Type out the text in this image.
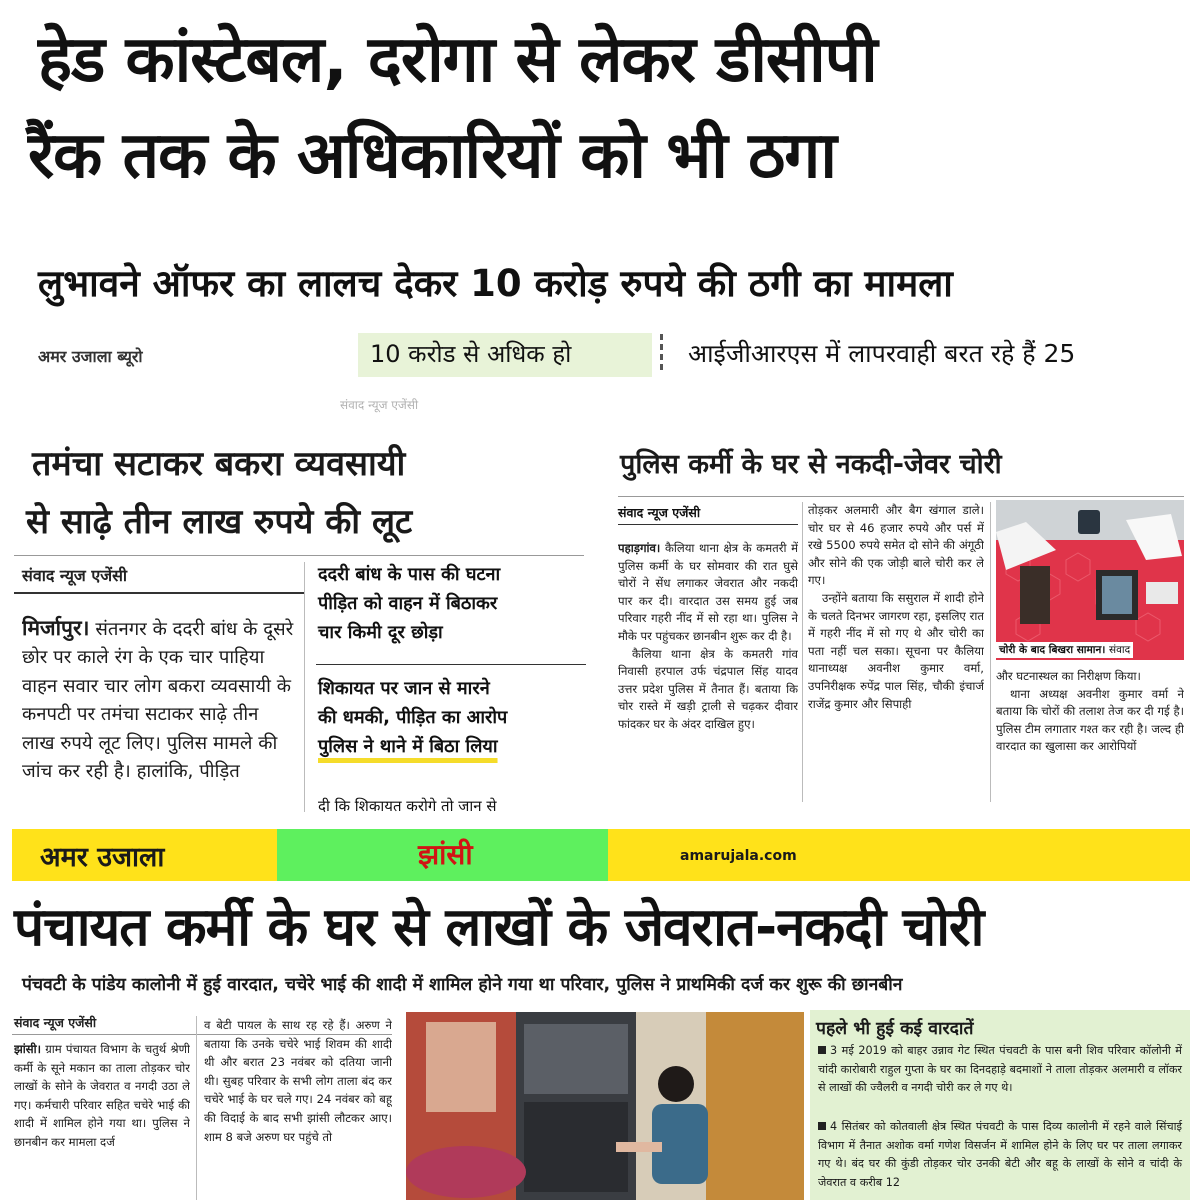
हेड कांस्टेबल, दरोगा से लेकर डीसीपी
रैंक तक के अधिकारियों को भी ठगा
लुभावने ऑफर का लालच देकर 10 करोड़ रुपये की ठगी का मामला
अमर उजाला ब्यूरो	10 करोड से अधिक हो	आईजीआरएस में लापरवाही बरत रहे हैं 25
संवाद न्यूज एजेंसी
तमंचा सटाकर बकरा व्यवसायी
से साढ़े तीन लाख रुपये की लूट
संवाद न्यूज एजेंसी
मिर्जापुर। संतनगर के ददरी बांध के दूसरे छोर पर काले रंग के एक चार पाहिया वाहन सवार चार लोग बकरा व्यवसायी के कनपटी पर तमंचा सटाकर साढ़े तीन लाख रुपये लूट लिए। पुलिस मामले की जांच कर रही है। हालांकि, पीड़ित
ददरी बांध के पास की घटना
पीड़ित को वाहन में बिठाकर
चार किमी दूर छोड़ा
शिकायत पर जान से मारने
की धमकी, पीड़ित का आरोप
पुलिस ने थाने में बिठा लिया
दी कि शिकायत करोगे तो जान से
पुलिस कर्मी के घर से नकदी-जेवर चोरी
संवाद न्यूज एजेंसी
पहाड़गांव। कैलिया थाना क्षेत्र के कमतरी में पुलिस कर्मी के घर सोमवार की रात घुसे चोरों ने सेंध लगाकर जेवरात और नकदी पार कर दी। वारदात उस समय हुई जब परिवार गहरी नींद में सो रहा था। पुलिस ने मौके पर पहुंचकर छानबीन शुरू कर दी है।
कैलिया थाना क्षेत्र के कमतरी गांव निवासी हरपाल उर्फ चंद्रपाल सिंह यादव उत्तर प्रदेश पुलिस में तैनात हैं। बताया कि चोर रास्ते में खड़ी ट्राली से चढ़कर दीवार फांदकर घर के अंदर दाखिल हुए।
तोड़कर अलमारी और बैग खंगाल डाले। चोर घर से 46 हजार रुपये और पर्स में रखे 5500 रुपये समेत दो सोने की अंगूठी और सोने की एक जोड़ी बाले चोरी कर ले गए।
उन्होंने बताया कि ससुराल में शादी होने के चलते दिनभर जागरण रहा, इसलिए रात में गहरी नींद में सो गए थे और चोरी का पता नहीं चल सका। सूचना पर कैलिया थानाध्यक्ष अवनीश कुमार वर्मा, उपनिरीक्षक रुपेंद्र पाल सिंह, चौकी इंचार्ज राजेंद्र कुमार और सिपाही
चोरी के बाद बिखरा सामान। संवाद
और घटनास्थल का निरीक्षण किया।
थाना अध्यक्ष अवनीश कुमार वर्मा ने बताया कि चोरों की तलाश तेज कर दी गई है। पुलिस टीम लगातार गश्त कर रही है। जल्द ही वारदात का खुलासा कर आरोपियों
अमर उजाला	झांसी	amarujala.com
पंचायत कर्मी के घर से लाखों के जेवरात-नकदी चोरी
पंचवटी के पांडेय कालोनी में हुई वारदात, चचेरे भाई की शादी में शामिल होने गया था परिवार, पुलिस ने प्राथमिकी दर्ज कर शुरू की छानबीन
संवाद न्यूज एजेंसी
झांसी। ग्राम पंचायत विभाग के चतुर्थ श्रेणी कर्मी के सूने मकान का ताला तोड़कर चोर लाखों के सोने के जेवरात व नगदी उठा ले गए। कर्मचारी परिवार सहित चचेरे भाई की शादी में शामिल होने गया था। पुलिस ने छानबीन कर मामला दर्ज
व बेटी पायल के साथ रह रहे हैं। अरुण ने बताया कि उनके चचेरे भाई शिवम की शादी थी और बरात 23 नवंबर को दतिया जानी थी। सुबह परिवार के सभी लोग ताला बंद कर चचेरे भाई के घर चले गए। 24 नवंबर को बहू की विदाई के बाद सभी झांसी लौटकर आए। शाम 8 बजे अरुण घर पहुंचे तो
पहले भी हुई कई वारदातें
3 मई 2019 को बाहर उन्नाव गेट स्थित पंचवटी के पास बनी शिव परिवार कॉलोनी में चांदी कारोबारी राहुल गुप्ता के घर का दिनदहाड़े बदमाशों ने ताला तोड़कर अलमारी व लॉकर से लाखों की ज्वैलरी व नगदी चोरी कर ले गए थे।
4 सितंबर को कोतवाली क्षेत्र स्थित पंचवटी के पास दिव्य कालोनी में रहने वाले सिंचाई विभाग में तैनात अशोक वर्मा गणेश विसर्जन में शामिल होने के लिए घर पर ताला लगाकर गए थे। बंद घर की कुंडी तोड़कर चोर उनकी बेटी और बहू के लाखों के सोने व चांदी के जेवरात व करीब 12
